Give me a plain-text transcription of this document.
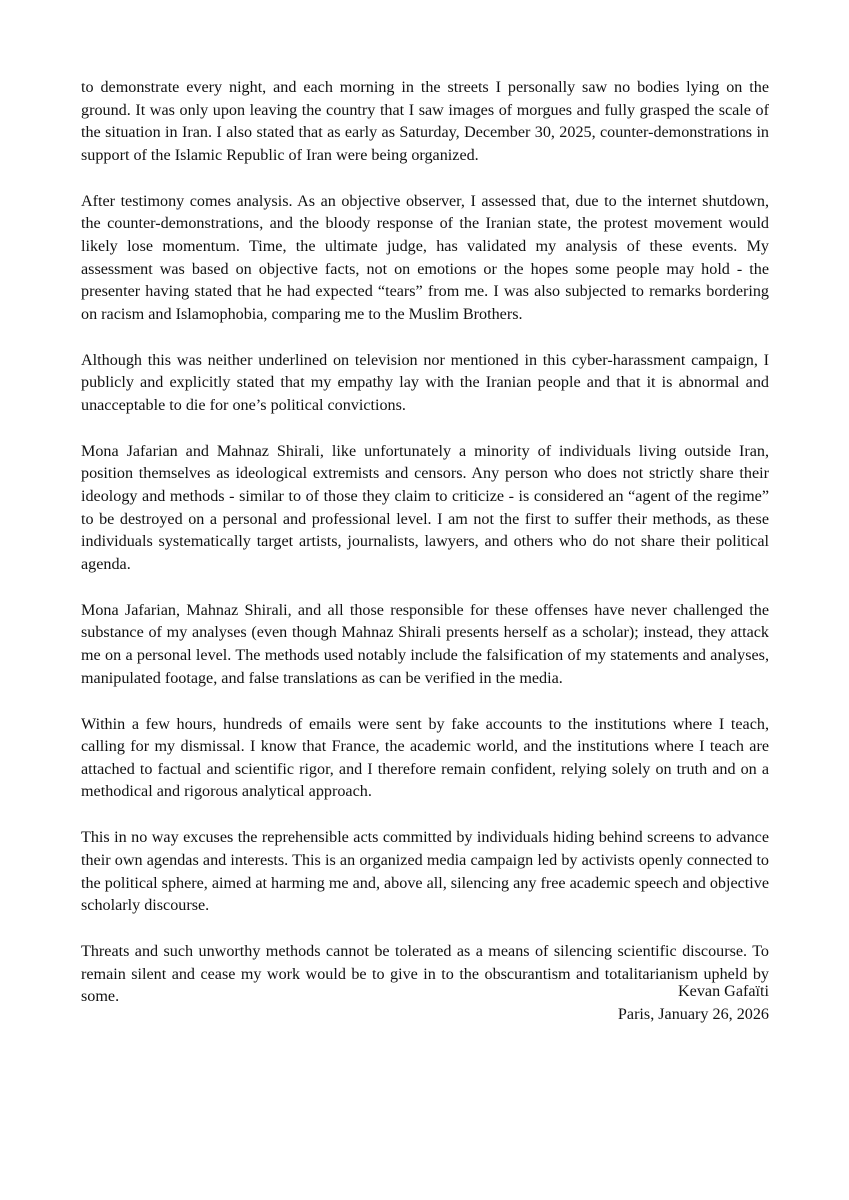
to demonstrate every night, and each morning in the streets I personally saw no bodies lying on the ground. It was only upon leaving the country that I saw images of morgues and fully grasped the scale of the situation in Iran. I also stated that as early as Saturday, December 30, 2025, counter-demonstrations in support of the Islamic Republic of Iran were being organized.

After testimony comes analysis. As an objective observer, I assessed that, due to the internet shutdown, the counter-demonstrations, and the bloody response of the Iranian state, the protest movement would likely lose momentum. Time, the ultimate judge, has validated my analysis of these events. My assessment was based on objective facts, not on emotions or the hopes some people may hold - the presenter having stated that he had expected “tears” from me. I was also subjected to remarks bordering on racism and Islamophobia, comparing me to the Muslim Brothers.

Although this was neither underlined on television nor mentioned in this cyber-harassment campaign, I publicly and explicitly stated that my empathy lay with the Iranian people and that it is abnormal and unacceptable to die for one’s political convictions.

Mona Jafarian and Mahnaz Shirali, like unfortunately a minority of individuals living outside Iran, position themselves as ideological extremists and censors. Any person who does not strictly share their ideology and methods - similar to of those they claim to criticize - is considered an “agent of the regime” to be destroyed on a personal and professional level. I am not the first to suffer their methods, as these individuals systematically target artists, journalists, lawyers, and others who do not share their political agenda.

Mona Jafarian, Mahnaz Shirali, and all those responsible for these offenses have never challenged the substance of my analyses (even though Mahnaz Shirali presents herself as a scholar); instead, they attack me on a personal level. The methods used notably include the falsification of my statements and analyses, manipulated footage, and false translations as can be verified in the media.

Within a few hours, hundreds of emails were sent by fake accounts to the institutions where I teach, calling for my dismissal. I know that France, the academic world, and the institutions where I teach are attached to factual and scientific rigor, and I therefore remain confident, relying solely on truth and on a methodical and rigorous analytical approach.

This in no way excuses the reprehensible acts committed by individuals hiding behind screens to advance their own agendas and interests. This is an organized media campaign led by activists openly connected to the political sphere, aimed at harming me and, above all, silencing any free academic speech and objective scholarly discourse.

Threats and such unworthy methods cannot be tolerated as a means of silencing scientific discourse. To remain silent and cease my work would be to give in to the obscurantism and totalitarianism upheld by some.	Kevan Gafaïti
Paris, January 26, 2026
